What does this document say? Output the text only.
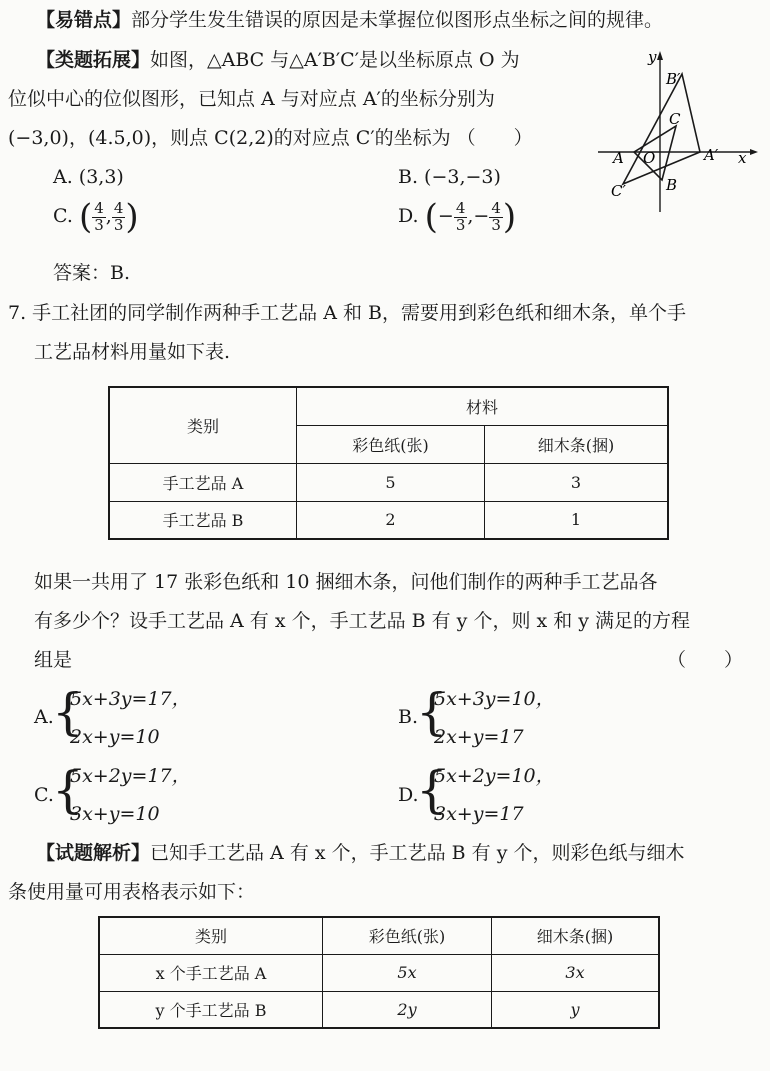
【易错点】部分学生发生错误的原因是未掌握位似图形点坐标之间的规律。
【类题拓展】如图，△ABC 与△A′B′C′是以坐标原点 O 为
位似中心的位似图形，已知点 A 与对应点 A′的坐标分别为
(−3,0)，(4.5,0)，则点 C(2,2)的对应点 C′的坐标为 （　　）
A. (3,3)	B. (−3,−3)
C. ( $\frac{4}{3}$ , $\frac{4}{3}$ )	D. (− $\frac{4}{3}$ ,− $\frac{4}{3}$ )
答案：B.
y
x
O
A
B
C
A′
B′
C′
7. 手工社团的同学制作两种手工艺品 A 和 B，需要用到彩色纸和细木条，单个手
工艺品材料用量如下表.
类别	材料	
	彩色纸(张)	细木条(捆)
手工艺品 A	5	3
手工艺品 B	2	1
如果一共用了 17 张彩色纸和 10 捆细木条，问他们制作的两种手工艺品各
有多少个？设手工艺品 A 有 x 个，手工艺品 B 有 y 个，则 x 和 y 满足的方程
组是	（　　）
A.
{
5x+3y=17，
2x+y=10
B.
{
5x+3y=10，
2x+y=17
C.
{
5x+2y=17，
3x+y=10
D.
{
5x+2y=10，
3x+y=17
【试题解析】已知手工艺品 A 有 x 个，手工艺品 B 有 y 个，则彩色纸与细木
条使用量可用表格表示如下：
类别	彩色纸(张)	细木条(捆)
x 个手工艺品 A	5x	3x
y 个手工艺品 B	2y	y
